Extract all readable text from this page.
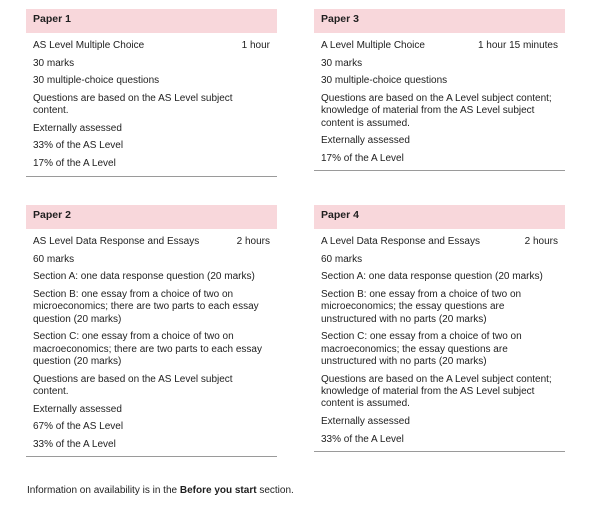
Paper 1
AS Level Multiple Choice	1 hour
30 marks
30 multiple-choice questions
Questions are based on the AS Level subject content.
Externally assessed
33% of the AS Level
17% of the A Level
Paper 3
A Level Multiple Choice	1 hour 15 minutes
30 marks
30 multiple-choice questions
Questions are based on the A Level subject content; knowledge of material from the AS Level subject content is assumed.
Externally assessed
17% of the A Level
Paper 2
AS Level Data Response and Essays	2 hours
60 marks
Section A: one data response question (20 marks)
Section B: one essay from a choice of two on microeconomics; there are two parts to each essay question (20 marks)
Section C: one essay from a choice of two on macroeconomics; there are two parts to each essay question (20 marks)
Questions are based on the AS Level subject content.
Externally assessed
67% of the AS Level
33% of the A Level
Paper 4
A Level Data Response and Essays	2 hours
60 marks
Section A: one data response question (20 marks)
Section B: one essay from a choice of two on microeconomics; the essay questions are unstructured with no parts (20 marks)
Section C: one essay from a choice of two on macroeconomics; the essay questions are unstructured with no parts (20 marks)
Questions are based on the A Level subject content; knowledge of material from the AS Level subject content is assumed.
Externally assessed
33% of the A Level
Information on availability is in the Before you start section.
